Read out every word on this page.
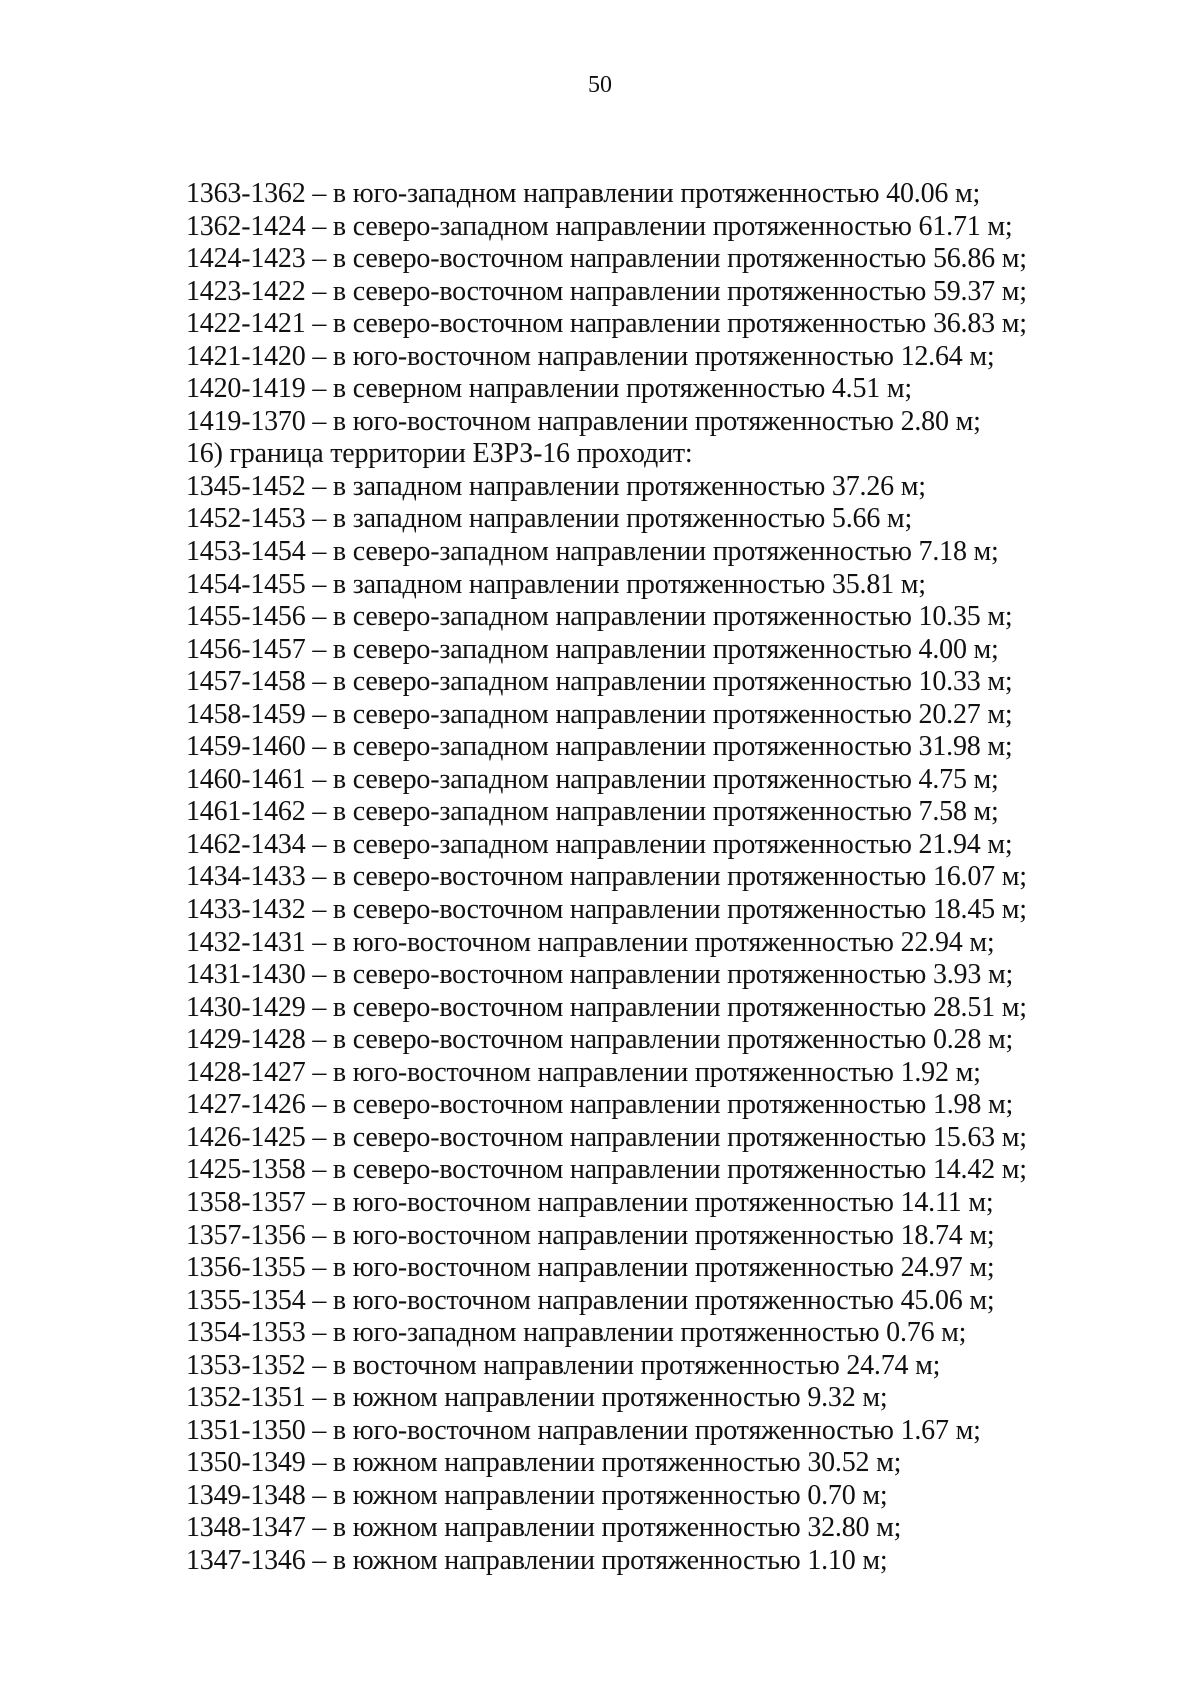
50
1363-1362 – в юго-западном направлении протяженностью 40.06 м;
1362-1424 – в северо-западном направлении протяженностью 61.71 м;
1424-1423 – в северо-восточном направлении протяженностью 56.86 м;
1423-1422 – в северо-восточном направлении протяженностью 59.37 м;
1422-1421 – в северо-восточном направлении протяженностью 36.83 м;
1421-1420 – в юго-восточном направлении протяженностью 12.64 м;
1420-1419 – в северном направлении протяженностью 4.51 м;
1419-1370 – в юго-восточном направлении протяженностью 2.80 м;
16) граница территории ЕЗРЗ-16 проходит:
1345-1452 – в западном направлении протяженностью 37.26 м;
1452-1453 – в западном направлении протяженностью 5.66 м;
1453-1454 – в северо-западном направлении протяженностью 7.18 м;
1454-1455 – в западном направлении протяженностью 35.81 м;
1455-1456 – в северо-западном направлении протяженностью 10.35 м;
1456-1457 – в северо-западном направлении протяженностью 4.00 м;
1457-1458 – в северо-западном направлении протяженностью 10.33 м;
1458-1459 – в северо-западном направлении протяженностью 20.27 м;
1459-1460 – в северо-западном направлении протяженностью 31.98 м;
1460-1461 – в северо-западном направлении протяженностью 4.75 м;
1461-1462 – в северо-западном направлении протяженностью 7.58 м;
1462-1434 – в северо-западном направлении протяженностью 21.94 м;
1434-1433 – в северо-восточном направлении протяженностью 16.07 м;
1433-1432 – в северо-восточном направлении протяженностью 18.45 м;
1432-1431 – в юго-восточном направлении протяженностью 22.94 м;
1431-1430 – в северо-восточном направлении протяженностью 3.93 м;
1430-1429 – в северо-восточном направлении протяженностью 28.51 м;
1429-1428 – в северо-восточном направлении протяженностью 0.28 м;
1428-1427 – в юго-восточном направлении протяженностью 1.92 м;
1427-1426 – в северо-восточном направлении протяженностью 1.98 м;
1426-1425 – в северо-восточном направлении протяженностью 15.63 м;
1425-1358 – в северо-восточном направлении протяженностью 14.42 м;
1358-1357 – в юго-восточном направлении протяженностью 14.11 м;
1357-1356 – в юго-восточном направлении протяженностью 18.74 м;
1356-1355 – в юго-восточном направлении протяженностью 24.97 м;
1355-1354 – в юго-восточном направлении протяженностью 45.06 м;
1354-1353 – в юго-западном направлении протяженностью 0.76 м;
1353-1352 – в восточном направлении протяженностью 24.74 м;
1352-1351 – в южном направлении протяженностью 9.32 м;
1351-1350 – в юго-восточном направлении протяженностью 1.67 м;
1350-1349 – в южном направлении протяженностью 30.52 м;
1349-1348 – в южном направлении протяженностью 0.70 м;
1348-1347 – в южном направлении протяженностью 32.80 м;
1347-1346 – в южном направлении протяженностью 1.10 м;
